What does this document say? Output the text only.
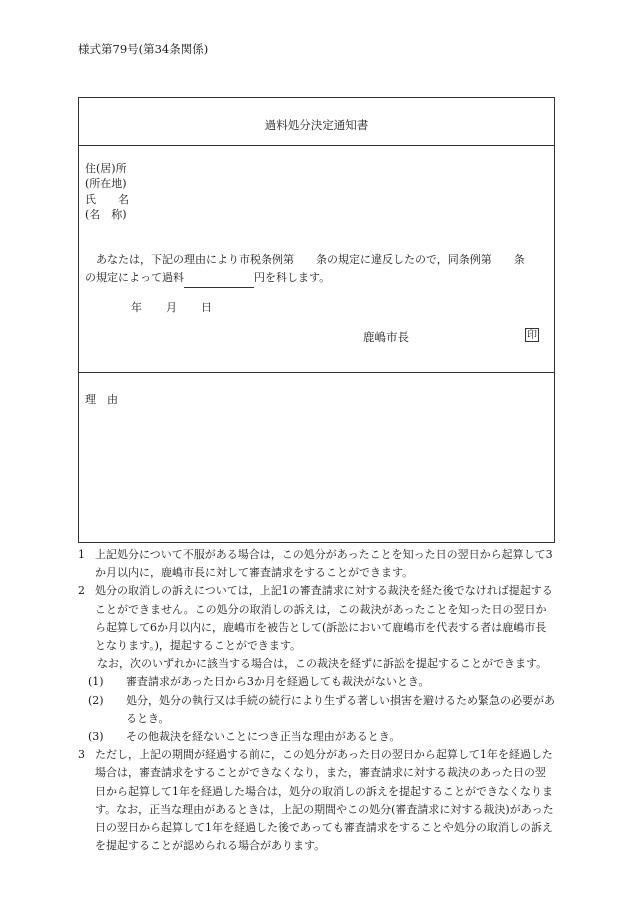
様式第79号(第34条関係)
過料処分決定通知書
住(居)所
(所在地)
氏　　名
(名　称)

あなたは，下記の理由により市税条例第　　条の規定に違反したので，同条例第　　条

の規定によって過料	円を科します。

年 月 日
鹿嶋市長	印
理　由
1 上記処分について不服がある場合は，この処分があったことを知った日の翌日から起算して3か月以内に，鹿嶋市長に対して審査請求をすることができます。
2 処分の取消しの訴えについては，上記1の審査請求に対する裁決を経た後でなければ提起することができません。この処分の取消しの訴えは，この裁決があったことを知った日の翌日から起算して6か月以内に，鹿嶋市を被告として(訴訟において鹿嶋市を代表する者は鹿嶋市長となります。)，提起することができます。
なお，次のいずれかに該当する場合は，この裁決を経ずに訴訟を提起することができます。
(1) 審査請求があった日から3か月を経過しても裁決がないとき。
(2) 処分，処分の執行又は手続の続行により生ずる著しい損害を避けるため緊急の必要があるとき。
(3) その他裁決を経ないことにつき正当な理由があるとき。
3 ただし，上記の期間が経過する前に，この処分があった日の翌日から起算して1年を経過した場合は，審査請求をすることができなくなり，また，審査請求に対する裁決のあった日の翌日から起算して1年を経過した場合は，処分の取消しの訴えを提起することができなくなります。なお，正当な理由があるときは，上記の期間やこの処分(審査請求に対する裁決)があった日の翌日から起算して1年を経過した後であっても審査請求をすることや処分の取消しの訴えを提起することが認められる場合があります。
